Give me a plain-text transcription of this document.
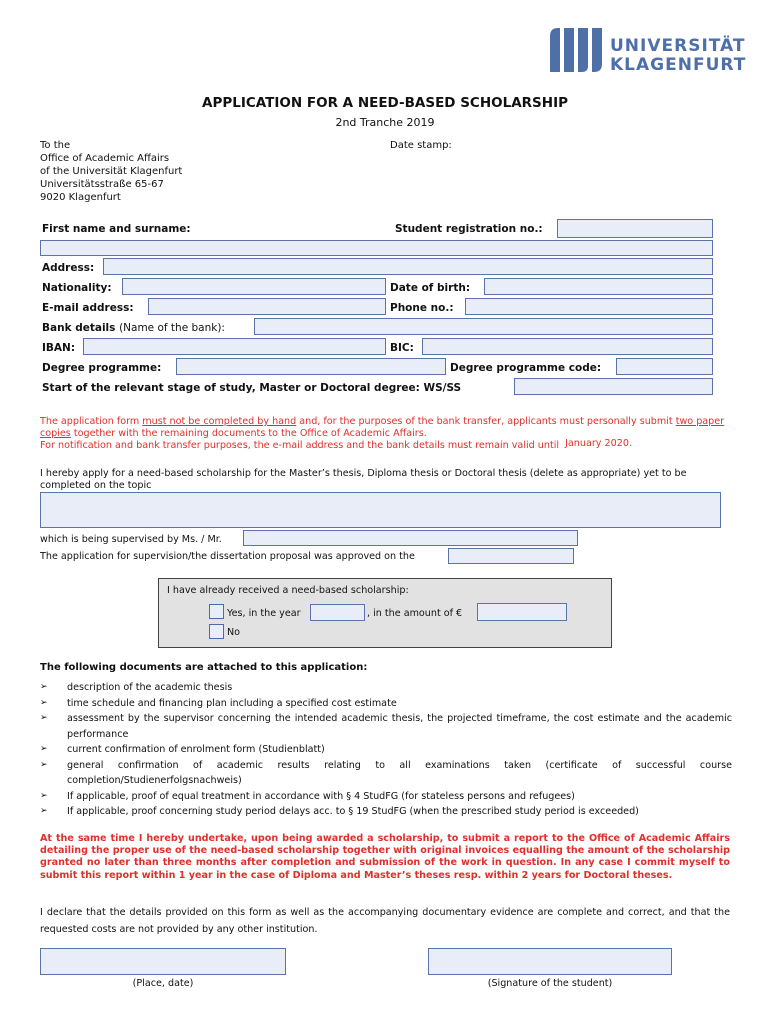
UNIVERSITÄT
KLAGENFURT
APPLICATION FOR A NEED-BASED SCHOLARSHIP
2nd Tranche 2019
To the
Office of Academic Affairs
of the Universität Klagenfurt
Universitätsstraße 65-67
9020 Klagenfurt
Date stamp:
First name and surname:	Student registration no.:
Address:
Nationality:	Date of birth:
E-mail address:	Phone no.:
Bank details (Name of the bank):
IBAN:	BIC:
Degree programme:	Degree programme code:
Start of the relevant stage of study, Master or Doctoral degree: WS/SS
The application form must not be completed by hand and, for the purposes of the bank transfer, applicants must personally submit two paper copies together with the remaining documents to the Office of Academic Affairs.
For notification and bank transfer purposes, the e-mail address and the bank details must remain valid until January 2020.
I hereby apply for a need-based scholarship for the Master’s thesis, Diploma thesis or Doctoral thesis (delete as appropriate) yet to be completed on the topic
which is being supervised by Ms. / Mr.
The application for supervision/the dissertation proposal was approved on the
I have already received a need-based scholarship:
Yes, in the year	, in the amount of €
No
The following documents are attached to this application:
➢ description of the academic thesis
➢ time schedule and financing plan including a specified cost estimate
➢ assessment by the supervisor concerning the intended academic thesis, the projected timeframe, the cost estimate and the academic performance
➢ current confirmation of enrolment form (Studienblatt)
➢ general confirmation of academic results relating to all examinations taken (certificate of successful course completion/Studienerfolgsnachweis)
➢ If applicable, proof of equal treatment in accordance with § 4 StudFG (for stateless persons and refugees)
➢ If applicable, proof concerning study period delays acc. to § 19 StudFG (when the prescribed study period is exceeded)
At the same time I hereby undertake, upon being awarded a scholarship, to submit a report to the Office of Academic Affairs detailing the proper use of the need-based scholarship together with original invoices equalling the amount of the scholarship granted no later than three months after completion and submission of the work in question. In any case I commit myself to submit this report within 1 year in the case of Diploma and Master’s theses resp. within 2 years for Doctoral theses.
I declare that the details provided on this form as well as the accompanying documentary evidence are complete and correct, and that the requested costs are not provided by any other institution.
(Place, date)	(Signature of the student)
